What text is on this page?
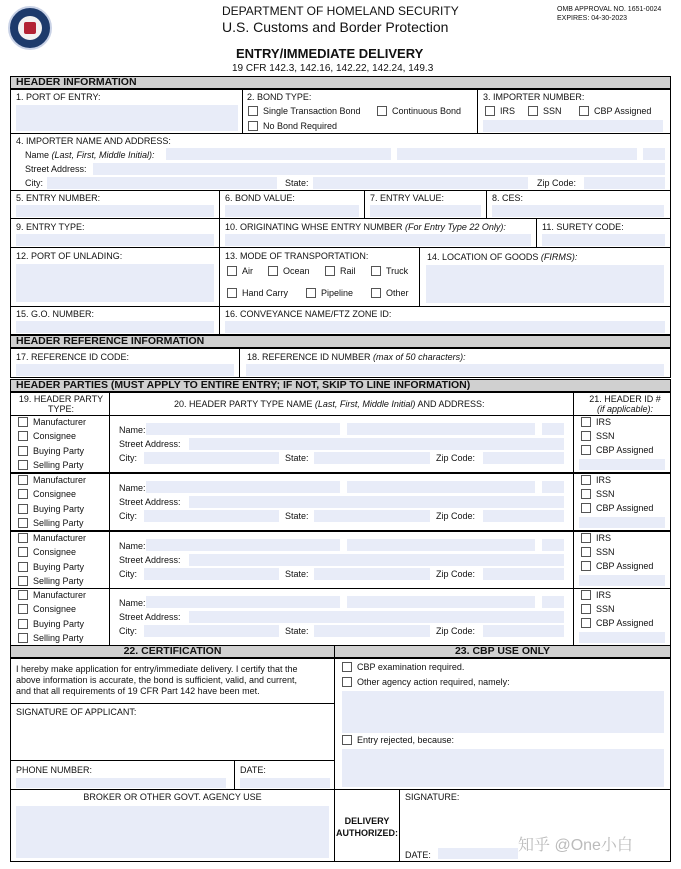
DEPARTMENT OF HOMELAND SECURITY
U.S. Customs and Border Protection
OMB APPROVAL NO. 1651-0024
EXPIRES: 04-30-2023
ENTRY/IMMEDIATE DELIVERY
19 CFR 142.3, 142.16, 142.22, 142.24, 149.3
HEADER INFORMATION
1. PORT OF ENTRY:	2. BOND TYPE:
Single Transaction Bond	Continuous Bond
No Bond Required
3. IMPORTER NUMBER:
IRS	SSN	CBP Assigned
4. IMPORTER NAME AND ADDRESS:
Name (Last, First, Middle Initial):
Street Address:
City:	State:	Zip Code:
5. ENTRY NUMBER:	6. BOND VALUE:	7. ENTRY VALUE:	8. CES:
9. ENTRY TYPE:	10. ORIGINATING WHSE ENTRY NUMBER (For Entry Type 22 Only):	11. SURETY CODE:
12. PORT OF UNLADING:	13. MODE OF TRANSPORTATION:
Air	Ocean	Rail	Truck
Hand Carry	Pipeline	Other
14. LOCATION OF GOODS (FIRMS):
15. G.O. NUMBER:	16. CONVEYANCE NAME/FTZ ZONE ID:
HEADER REFERENCE INFORMATION
17. REFERENCE ID CODE:	18. REFERENCE ID NUMBER (max of 50 characters):
HEADER PARTIES (MUST APPLY TO ENTIRE ENTRY; IF NOT, SKIP TO LINE INFORMATION)
19. HEADER PARTY TYPE:	20. HEADER PARTY TYPE NAME (Last, First, Middle Initial) AND ADDRESS:	21. HEADER ID #
(if applicable):
Manufacturer
Consignee
Buying Party
Selling Party
Name:
Street Address:
City:	State:	Zip Code:
IRS
SSN
CBP Assigned
Manufacturer
Consignee
Buying Party
Selling Party
Name:
Street Address:
City:	State:	Zip Code:
IRS
SSN
CBP Assigned
Manufacturer
Consignee
Buying Party
Selling Party
Name:
Street Address:
City:	State:	Zip Code:
IRS
SSN
CBP Assigned
Manufacturer
Consignee
Buying Party
Selling Party
Name:
Street Address:
City:	State:	Zip Code:
IRS
SSN
CBP Assigned
22. CERTIFICATION	23. CBP USE ONLY
I hereby make application for entry/immediate delivery. I certify that the
above information is accurate, the bond is sufficient, valid, and current,
and that all requirements of 19 CFR Part 142 have been met.
SIGNATURE OF APPLICANT:
PHONE NUMBER:	DATE:
BROKER OR OTHER GOVT. AGENCY USE
CBP examination required.
Other agency action required, namely:
Entry rejected, because:
DELIVERY
AUTHORIZED:
SIGNATURE:
DATE:
知乎 @One小白
